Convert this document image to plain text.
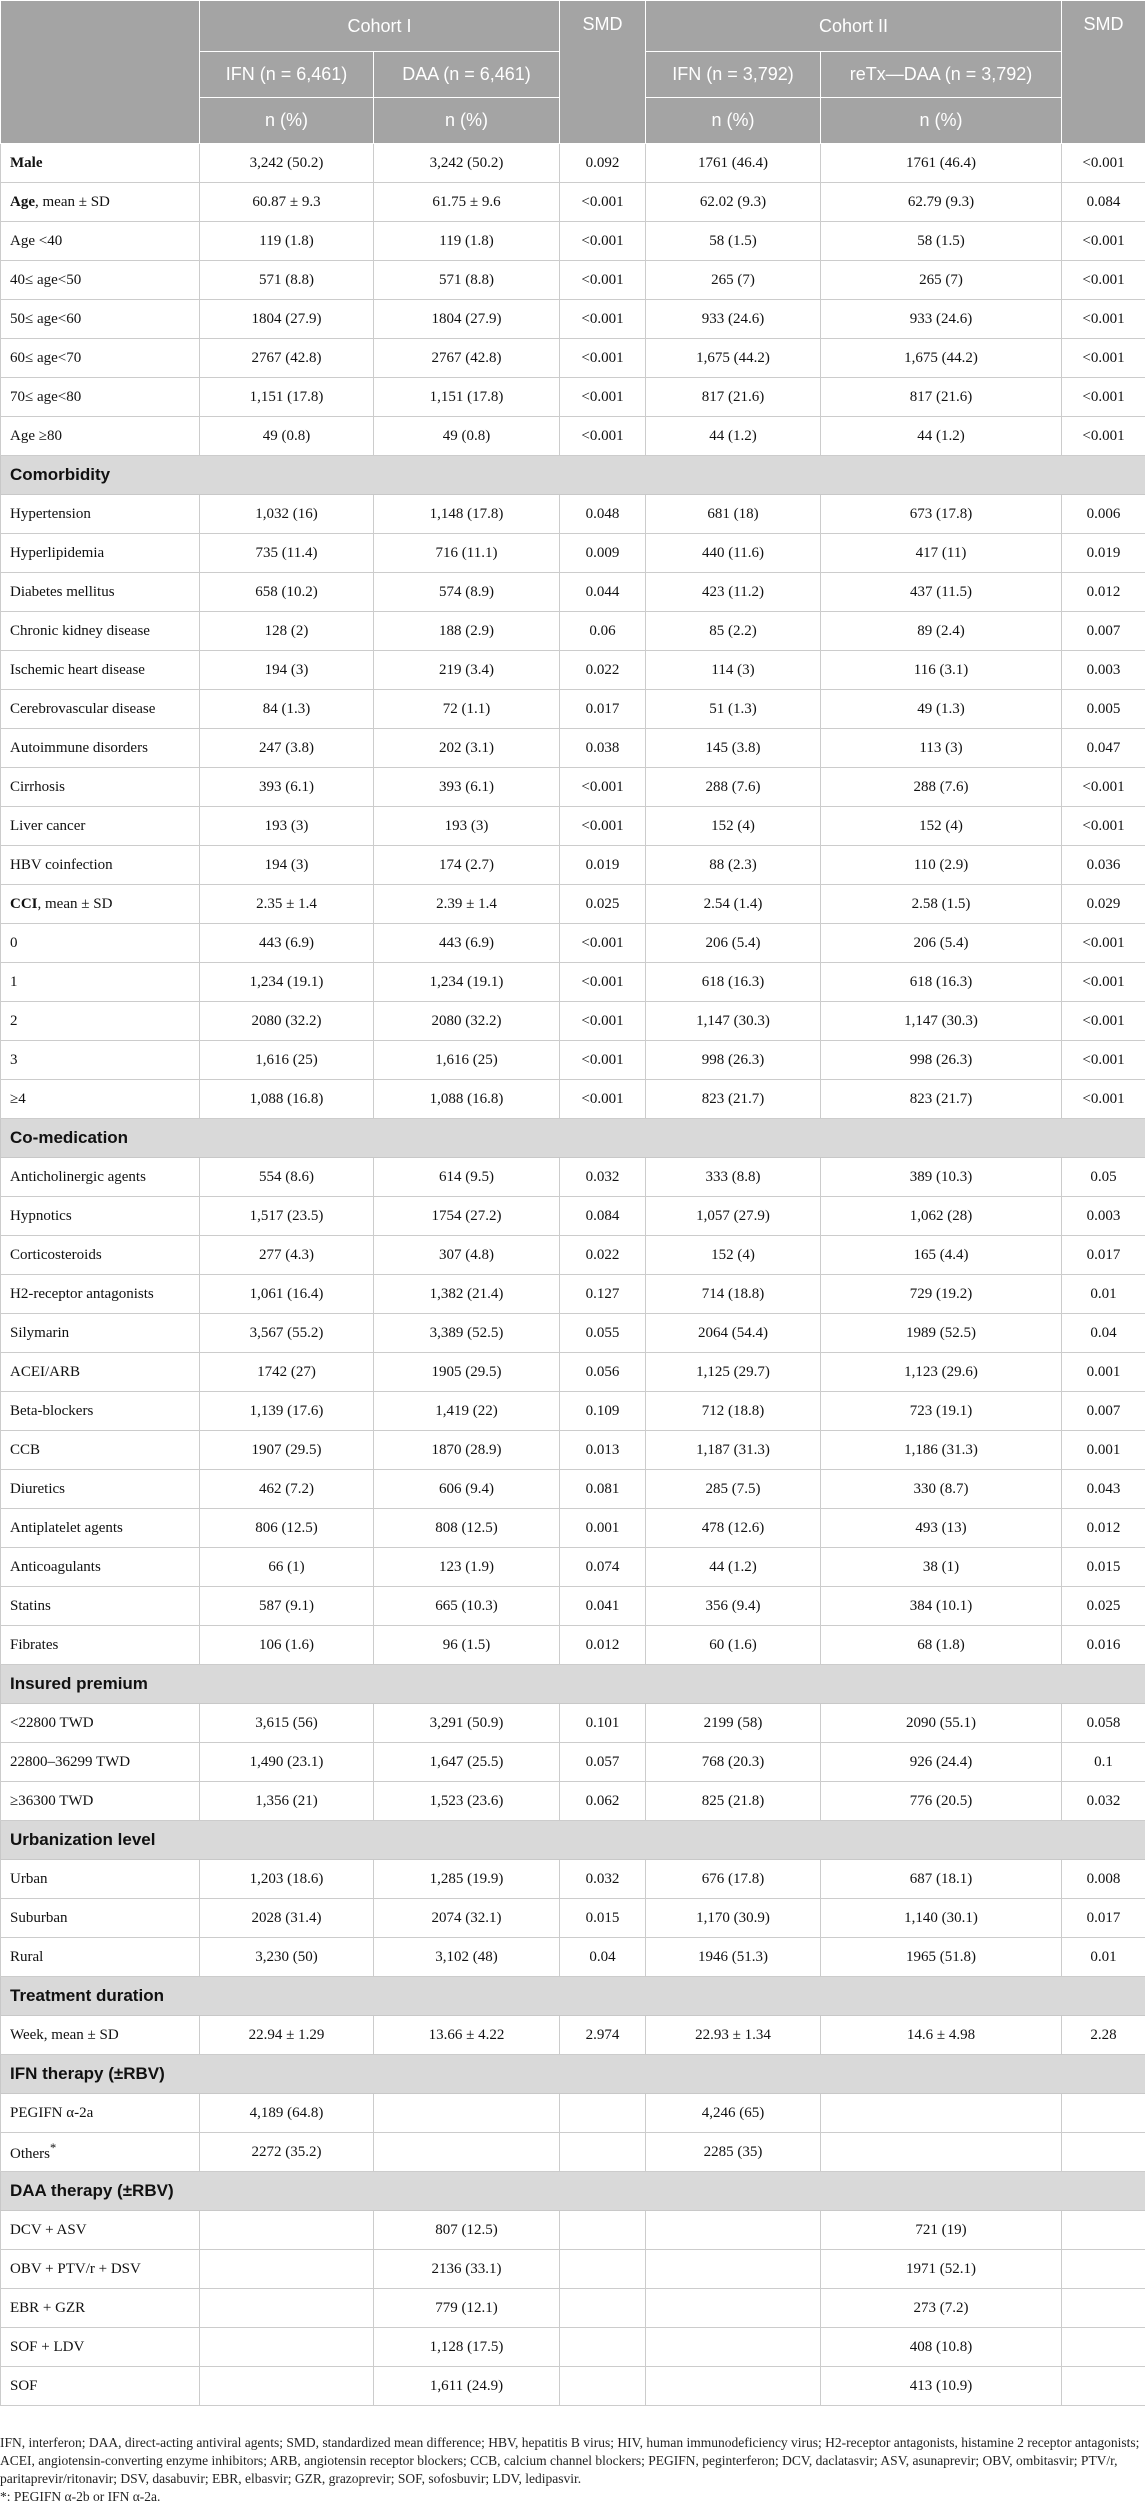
	Cohort I		SMD	Cohort II		SMD
	IFN (n = 6,461)	DAA (n = 6,461)		IFN (n = 3,792)	reTx—DAA (n = 3,792)	
	n (%)	n (%)		n (%)	n (%)	
Male	3,242 (50.2)	3,242 (50.2)	0.092	1761 (46.4)	1761 (46.4)	<0.001
Age, mean ± SD	60.87 ± 9.3	61.75 ± 9.6	<0.001	62.02 (9.3)	62.79 (9.3)	0.084
Age <40	119 (1.8)	119 (1.8)	<0.001	58 (1.5)	58 (1.5)	<0.001
40≤ age<50	571 (8.8)	571 (8.8)	<0.001	265 (7)	265 (7)	<0.001
50≤ age<60	1804 (27.9)	1804 (27.9)	<0.001	933 (24.6)	933 (24.6)	<0.001
60≤ age<70	2767 (42.8)	2767 (42.8)	<0.001	1,675 (44.2)	1,675 (44.2)	<0.001
70≤ age<80	1,151 (17.8)	1,151 (17.8)	<0.001	817 (21.6)	817 (21.6)	<0.001
Age ≥80	49 (0.8)	49 (0.8)	<0.001	44 (1.2)	44 (1.2)	<0.001
Comorbidity						
Hypertension	1,032 (16)	1,148 (17.8)	0.048	681 (18)	673 (17.8)	0.006
Hyperlipidemia	735 (11.4)	716 (11.1)	0.009	440 (11.6)	417 (11)	0.019
Diabetes mellitus	658 (10.2)	574 (8.9)	0.044	423 (11.2)	437 (11.5)	0.012
Chronic kidney disease	128 (2)	188 (2.9)	0.06	85 (2.2)	89 (2.4)	0.007
Ischemic heart disease	194 (3)	219 (3.4)	0.022	114 (3)	116 (3.1)	0.003
Cerebrovascular disease	84 (1.3)	72 (1.1)	0.017	51 (1.3)	49 (1.3)	0.005
Autoimmune disorders	247 (3.8)	202 (3.1)	0.038	145 (3.8)	113 (3)	0.047
Cirrhosis	393 (6.1)	393 (6.1)	<0.001	288 (7.6)	288 (7.6)	<0.001
Liver cancer	193 (3)	193 (3)	<0.001	152 (4)	152 (4)	<0.001
HBV coinfection	194 (3)	174 (2.7)	0.019	88 (2.3)	110 (2.9)	0.036
CCI, mean ± SD	2.35 ± 1.4	2.39 ± 1.4	0.025	2.54 (1.4)	2.58 (1.5)	0.029
0	443 (6.9)	443 (6.9)	<0.001	206 (5.4)	206 (5.4)	<0.001
1	1,234 (19.1)	1,234 (19.1)	<0.001	618 (16.3)	618 (16.3)	<0.001
2	2080 (32.2)	2080 (32.2)	<0.001	1,147 (30.3)	1,147 (30.3)	<0.001
3	1,616 (25)	1,616 (25)	<0.001	998 (26.3)	998 (26.3)	<0.001
≥4	1,088 (16.8)	1,088 (16.8)	<0.001	823 (21.7)	823 (21.7)	<0.001
Co-medication						
Anticholinergic agents	554 (8.6)	614 (9.5)	0.032	333 (8.8)	389 (10.3)	0.05
Hypnotics	1,517 (23.5)	1754 (27.2)	0.084	1,057 (27.9)	1,062 (28)	0.003
Corticosteroids	277 (4.3)	307 (4.8)	0.022	152 (4)	165 (4.4)	0.017
H2-receptor antagonists	1,061 (16.4)	1,382 (21.4)	0.127	714 (18.8)	729 (19.2)	0.01
Silymarin	3,567 (55.2)	3,389 (52.5)	0.055	2064 (54.4)	1989 (52.5)	0.04
ACEI/ARB	1742 (27)	1905 (29.5)	0.056	1,125 (29.7)	1,123 (29.6)	0.001
Beta-blockers	1,139 (17.6)	1,419 (22)	0.109	712 (18.8)	723 (19.1)	0.007
CCB	1907 (29.5)	1870 (28.9)	0.013	1,187 (31.3)	1,186 (31.3)	0.001
Diuretics	462 (7.2)	606 (9.4)	0.081	285 (7.5)	330 (8.7)	0.043
Antiplatelet agents	806 (12.5)	808 (12.5)	0.001	478 (12.6)	493 (13)	0.012
Anticoagulants	66 (1)	123 (1.9)	0.074	44 (1.2)	38 (1)	0.015
Statins	587 (9.1)	665 (10.3)	0.041	356 (9.4)	384 (10.1)	0.025
Fibrates	106 (1.6)	96 (1.5)	0.012	60 (1.6)	68 (1.8)	0.016
Insured premium						
<22800 TWD	3,615 (56)	3,291 (50.9)	0.101	2199 (58)	2090 (55.1)	0.058
22800–36299 TWD	1,490 (23.1)	1,647 (25.5)	0.057	768 (20.3)	926 (24.4)	0.1
≥36300 TWD	1,356 (21)	1,523 (23.6)	0.062	825 (21.8)	776 (20.5)	0.032
Urbanization level						
Urban	1,203 (18.6)	1,285 (19.9)	0.032	676 (17.8)	687 (18.1)	0.008
Suburban	2028 (31.4)	2074 (32.1)	0.015	1,170 (30.9)	1,140 (30.1)	0.017
Rural	3,230 (50)	3,102 (48)	0.04	1946 (51.3)	1965 (51.8)	0.01
Treatment duration						
Week, mean ± SD	22.94 ± 1.29	13.66 ± 4.22	2.974	22.93 ± 1.34	14.6 ± 4.98	2.28
IFN therapy (±RBV)						
PEGIFN α-2a	4,189 (64.8)			4,246 (65)		
Others*	2272 (35.2)			2285 (35)		
DAA therapy (±RBV)						
DCV + ASV		807 (12.5)			721 (19)	
OBV + PTV/r + DSV		2136 (33.1)			1971 (52.1)	
EBR + GZR		779 (12.1)			273 (7.2)	
SOF + LDV		1,128 (17.5)			408 (10.8)	
SOF		1,611 (24.9)			413 (10.9)	

IFN, interferon; DAA, direct-acting antiviral agents; SMD, standardized mean difference; HBV, hepatitis B virus; HIV, human immunodeficiency virus; H2-receptor antagonists, histamine 2 receptor antagonists; ACEI, angiotensin-converting enzyme inhibitors; ARB, angiotensin receptor blockers; CCB, calcium channel blockers; PEGIFN, peginterferon; DCV, daclatasvir; ASV, asunaprevir; OBV, ombitasvir; PTV/r, paritaprevir/ritonavir; DSV, dasabuvir; EBR, elbasvir; GZR, grazoprevir; SOF, sofosbuvir; LDV, ledipasvir.

*: PEGIFN α-2b or IFN α-2a.
